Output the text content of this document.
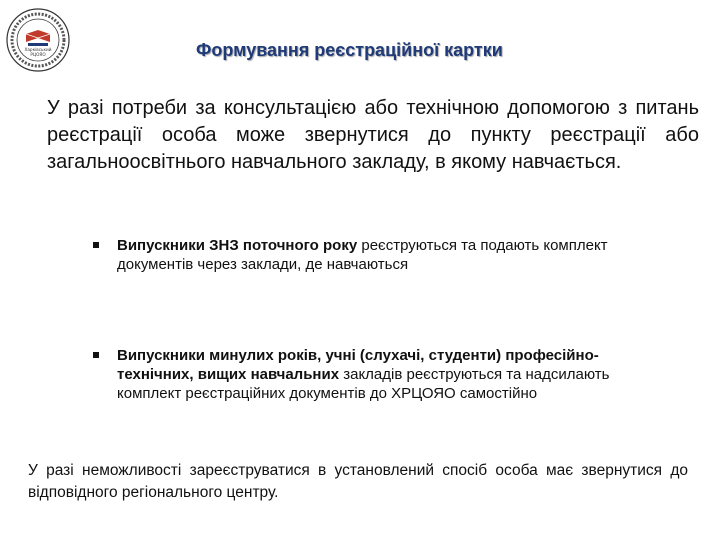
Харківський
РЦОЯО	Формування реєстраційної картки
У разі потреби за консультацією або технічною допомогою з питань реєстрації особа може звернутися до пункту реєстрації або загальноосвітнього навчального закладу, в якому навчається.
Випускники ЗНЗ поточного року реєструються та подають комплект документів через заклади, де навчаються
Випускники минулих років, учні (слухачі, студенти) професійно-технічних, вищих навчальних закладів реєструються та надсилають комплект реєстраційних документів до ХРЦОЯО самостійно
У разі неможливості зареєструватися в установлений спосіб особа має звернутися до відповідного регіонального центру.
